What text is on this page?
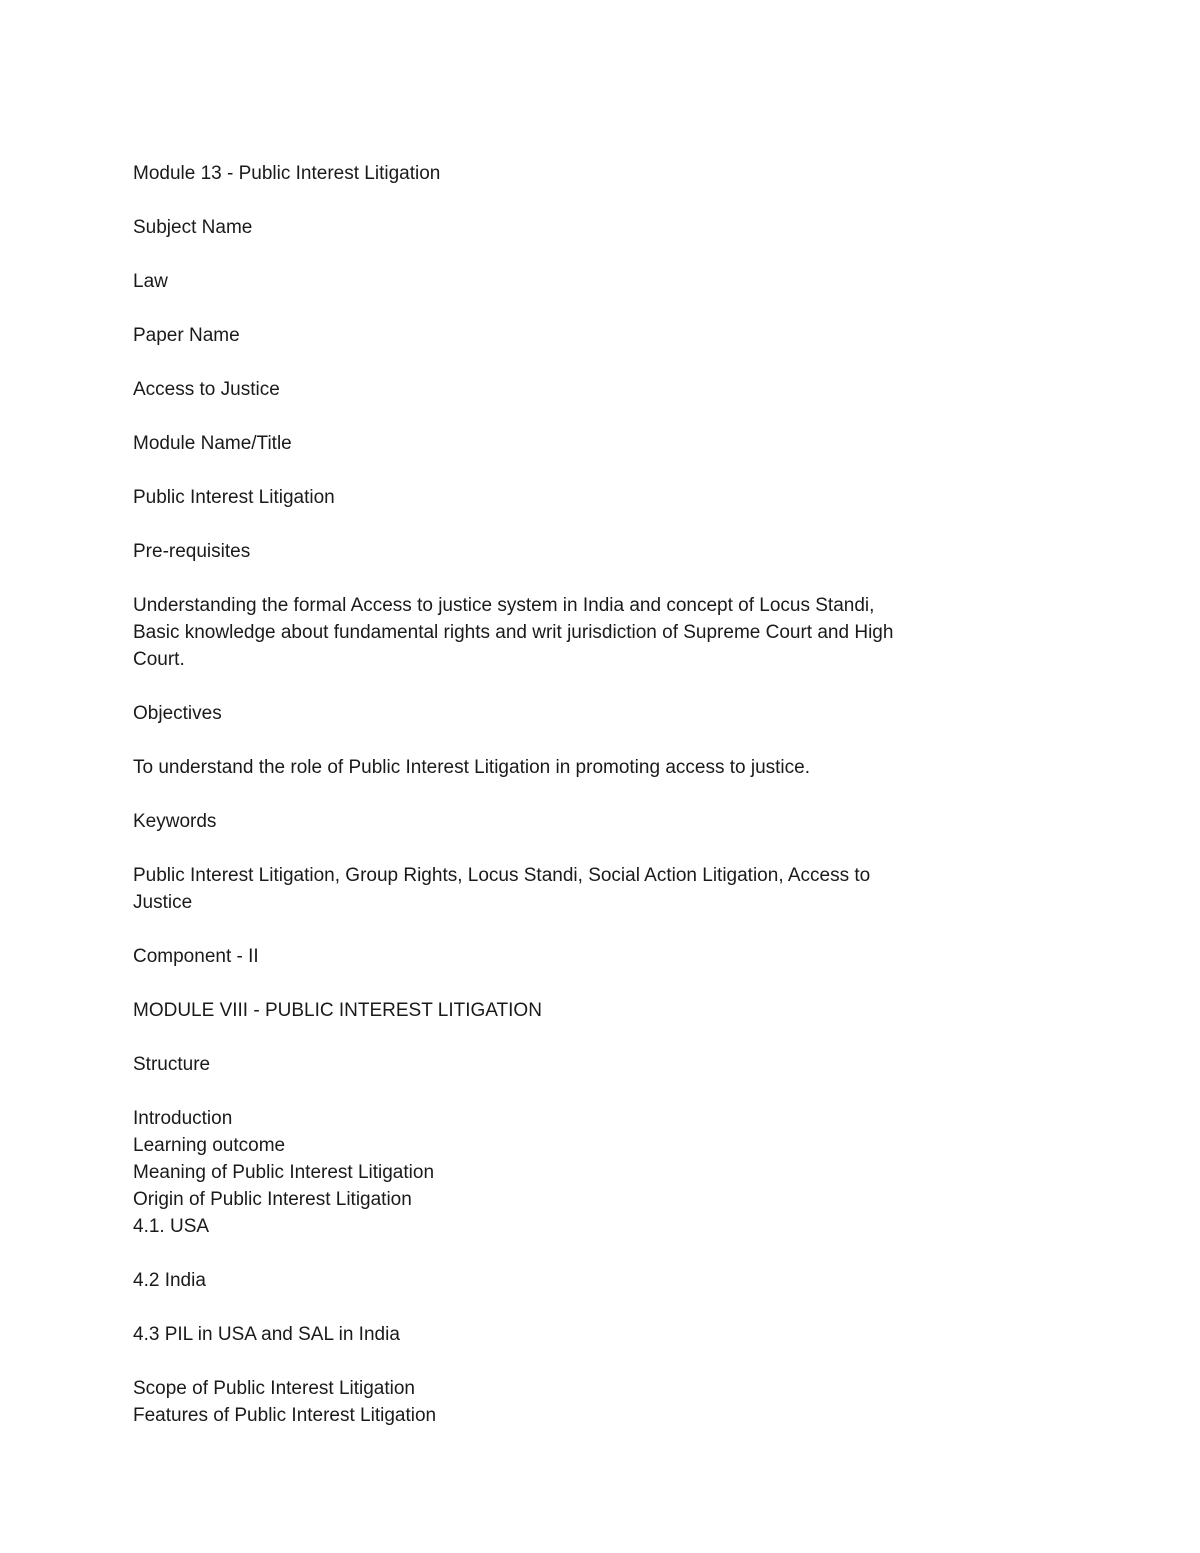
Module 13 - Public Interest Litigation

Subject Name

Law

Paper Name

Access to Justice

Module Name/Title

Public Interest Litigation

Pre-requisites

Understanding the formal Access to justice system in India and concept of Locus Standi,
Basic knowledge about fundamental rights and writ jurisdiction of Supreme Court and High
Court.

Objectives

To understand the role of Public Interest Litigation in promoting access to justice.

Keywords

Public Interest Litigation, Group Rights, Locus Standi, Social Action Litigation, Access to
Justice

Component - II

MODULE VIII - PUBLIC INTEREST LITIGATION

Structure

Introduction
Learning outcome
Meaning of Public Interest Litigation
Origin of Public Interest Litigation
4.1. USA

4.2 India

4.3 PIL in USA and SAL in India

Scope of Public Interest Litigation
Features of Public Interest Litigation
